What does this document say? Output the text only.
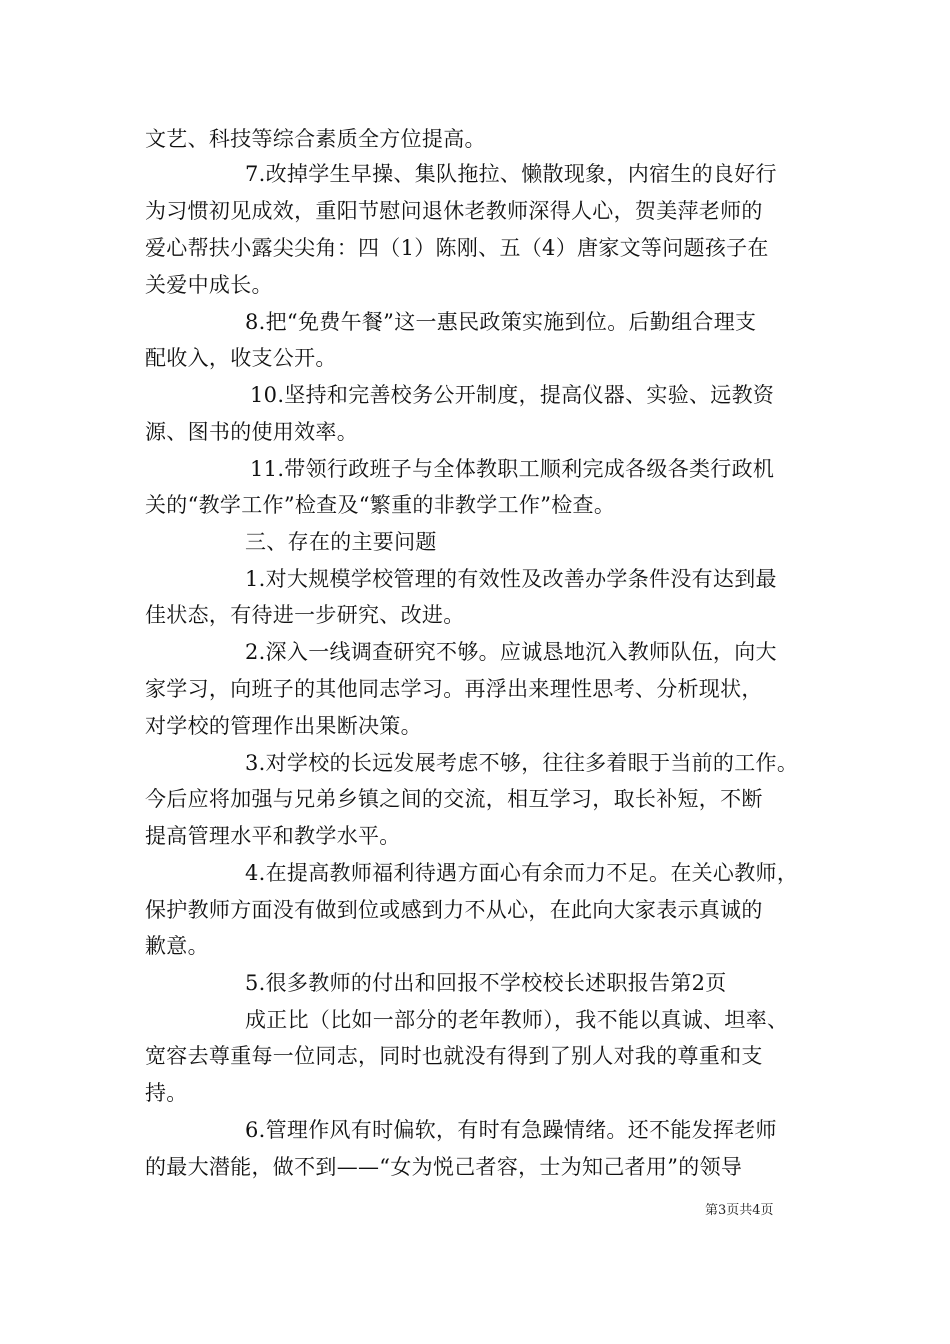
文艺、科技等综合素质全方位提高。
7.改掉学生早操、集队拖拉、懒散现象，内宿生的良好行
为习惯初见成效，重阳节慰问退休老教师深得人心，贺美萍老师的
爱心帮扶小露尖尖角：四（1）陈刚、五（4）唐家文等问题孩子在
关爱中成长。
8.把“免费午餐”这一惠民政策实施到位。后勤组合理支
配收入，收支公开。
10.坚持和完善校务公开制度，提高仪器、实验、远教资
源、图书的使用效率。
11.带领行政班子与全体教职工顺利完成各级各类行政机
关的“教学工作”检查及“繁重的非教学工作”检查。
三、存在的主要问题
1.对大规模学校管理的有效性及改善办学条件没有达到最
佳状态，有待进一步研究、改进。
2.深入一线调查研究不够。应诚恳地沉入教师队伍，向大
家学习，向班子的其他同志学习。再浮出来理性思考、分析现状，
对学校的管理作出果断决策。
3.对学校的长远发展考虑不够，往往多着眼于当前的工作。
今后应将加强与兄弟乡镇之间的交流，相互学习，取长补短，不断
提高管理水平和教学水平。
4.在提高教师福利待遇方面心有余而力不足。在关心教师，
保护教师方面没有做到位或感到力不从心，在此向大家表示真诚的
歉意。
5.很多教师的付出和回报不学校校长述职报告第2页
成正比（比如一部分的老年教师），我不能以真诚、坦率、
宽容去尊重每一位同志，同时也就没有得到了别人对我的尊重和支
持。
6.管理作风有时偏软，有时有急躁情绪。还不能发挥老师
的最大潜能，做不到——“女为悦己者容，士为知己者用”的领导
第3页共4页
